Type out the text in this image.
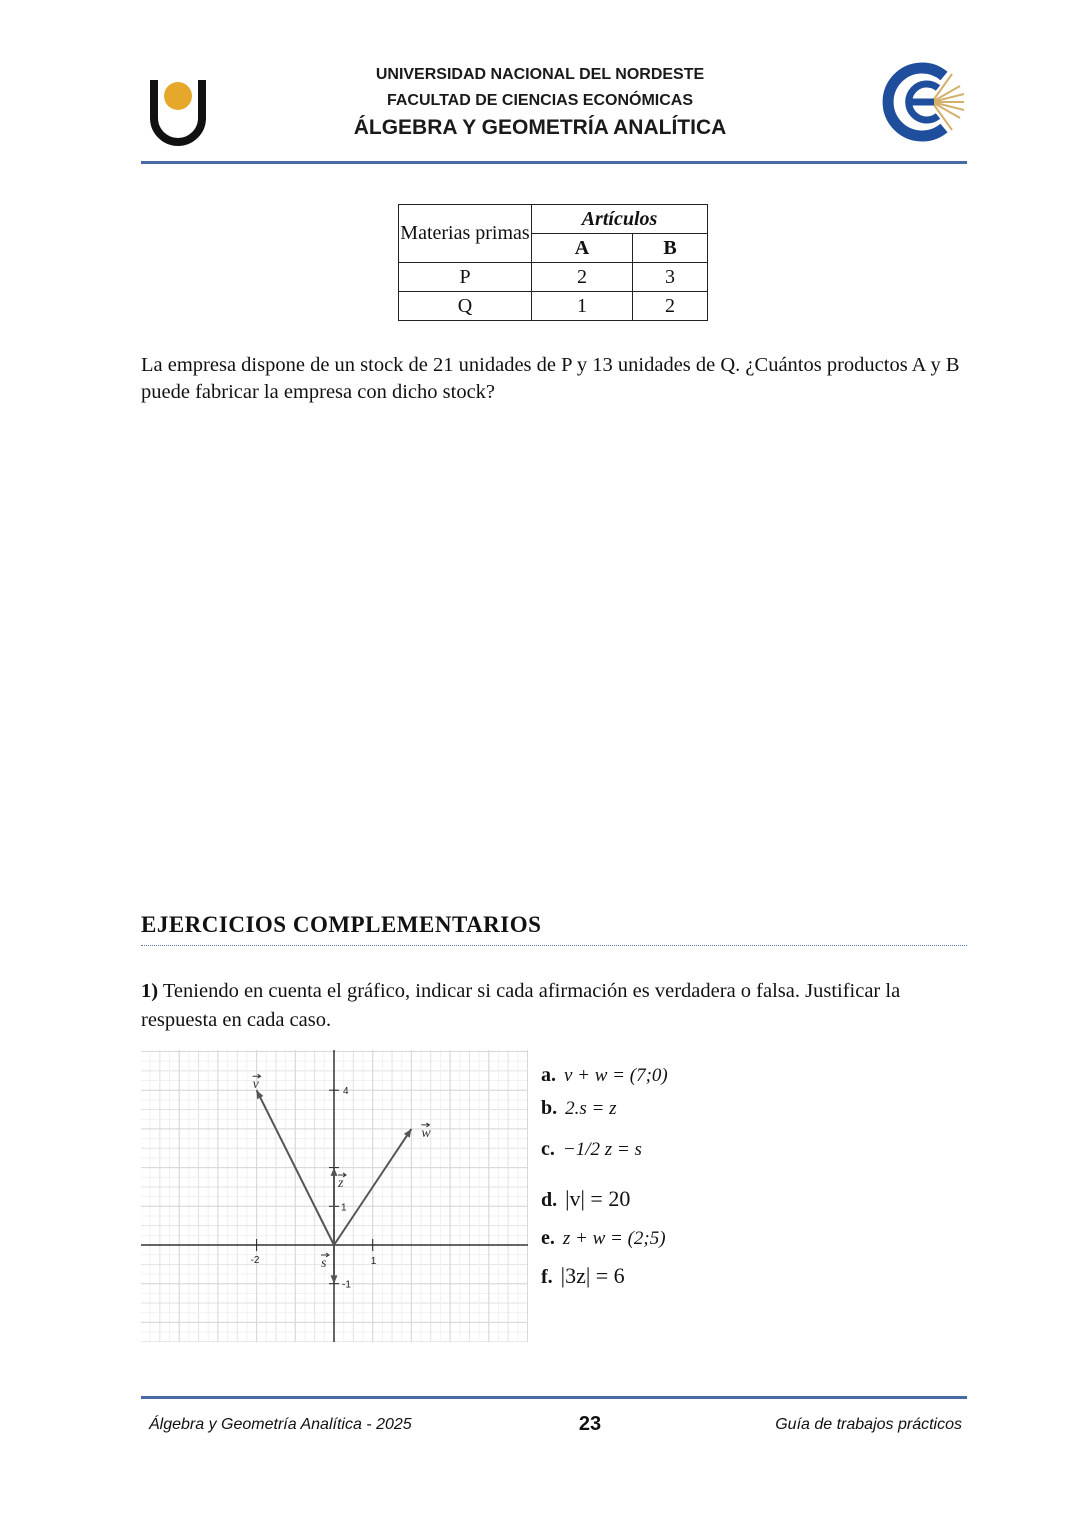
UNIVERSIDAD NACIONAL DEL NORDESTE
FACULTAD DE CIENCIAS ECONÓMICAS
ÁLGEBRA Y GEOMETRÍA ANALÍTICA
Materias primas	Artículos	
	A	B
P	2	3
Q	1	2
La empresa dispone de un stock de 21 unidades de P y 13 unidades de Q. ¿Cuántos productos A y B puede fabricar la empresa con dicho stock?
EJERCICIOS COMPLEMENTARIOS
1) Teniendo en cuenta el gráfico, indicar si cada afirmación es verdadera o falsa. Justificar la respuesta en cada caso.
-2	1
4
1
-1
v
w
z
s
a. v + w = (7;0)
b. 2.s = z
c. −1/2 z = s
d. |v| = 20
e. z + w = (2;5)
f. |3z| = 6
Álgebra y Geometría Analítica - 2025	23	Guía de trabajos prácticos
